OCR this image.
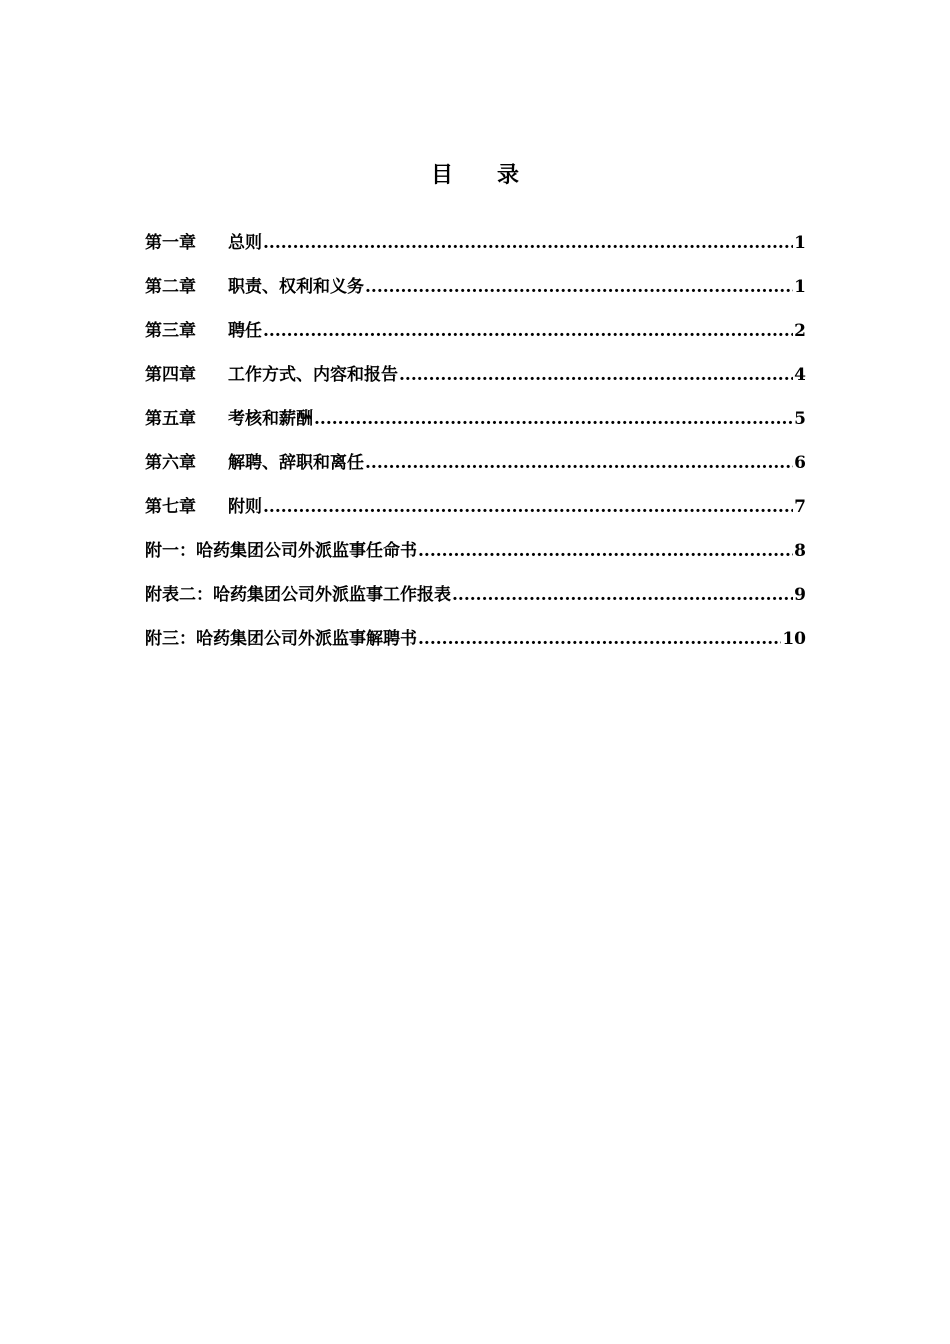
目　　录
第一章	总则 .....	1
第二章	职责、权利和义务 .....	1
第三章	聘任 .....	2
第四章	工作方式、内容和报告 .....	4
第五章	考核和薪酬 .....	5
第六章	解聘、辞职和离任 .....	6
第七章	附则 .....	7
附一：哈药集团公司外派监事任命书 .....	8
附表二：哈药集团公司外派监事工作报表 .....	9
附三：哈药集团公司外派监事解聘书 .....	10
